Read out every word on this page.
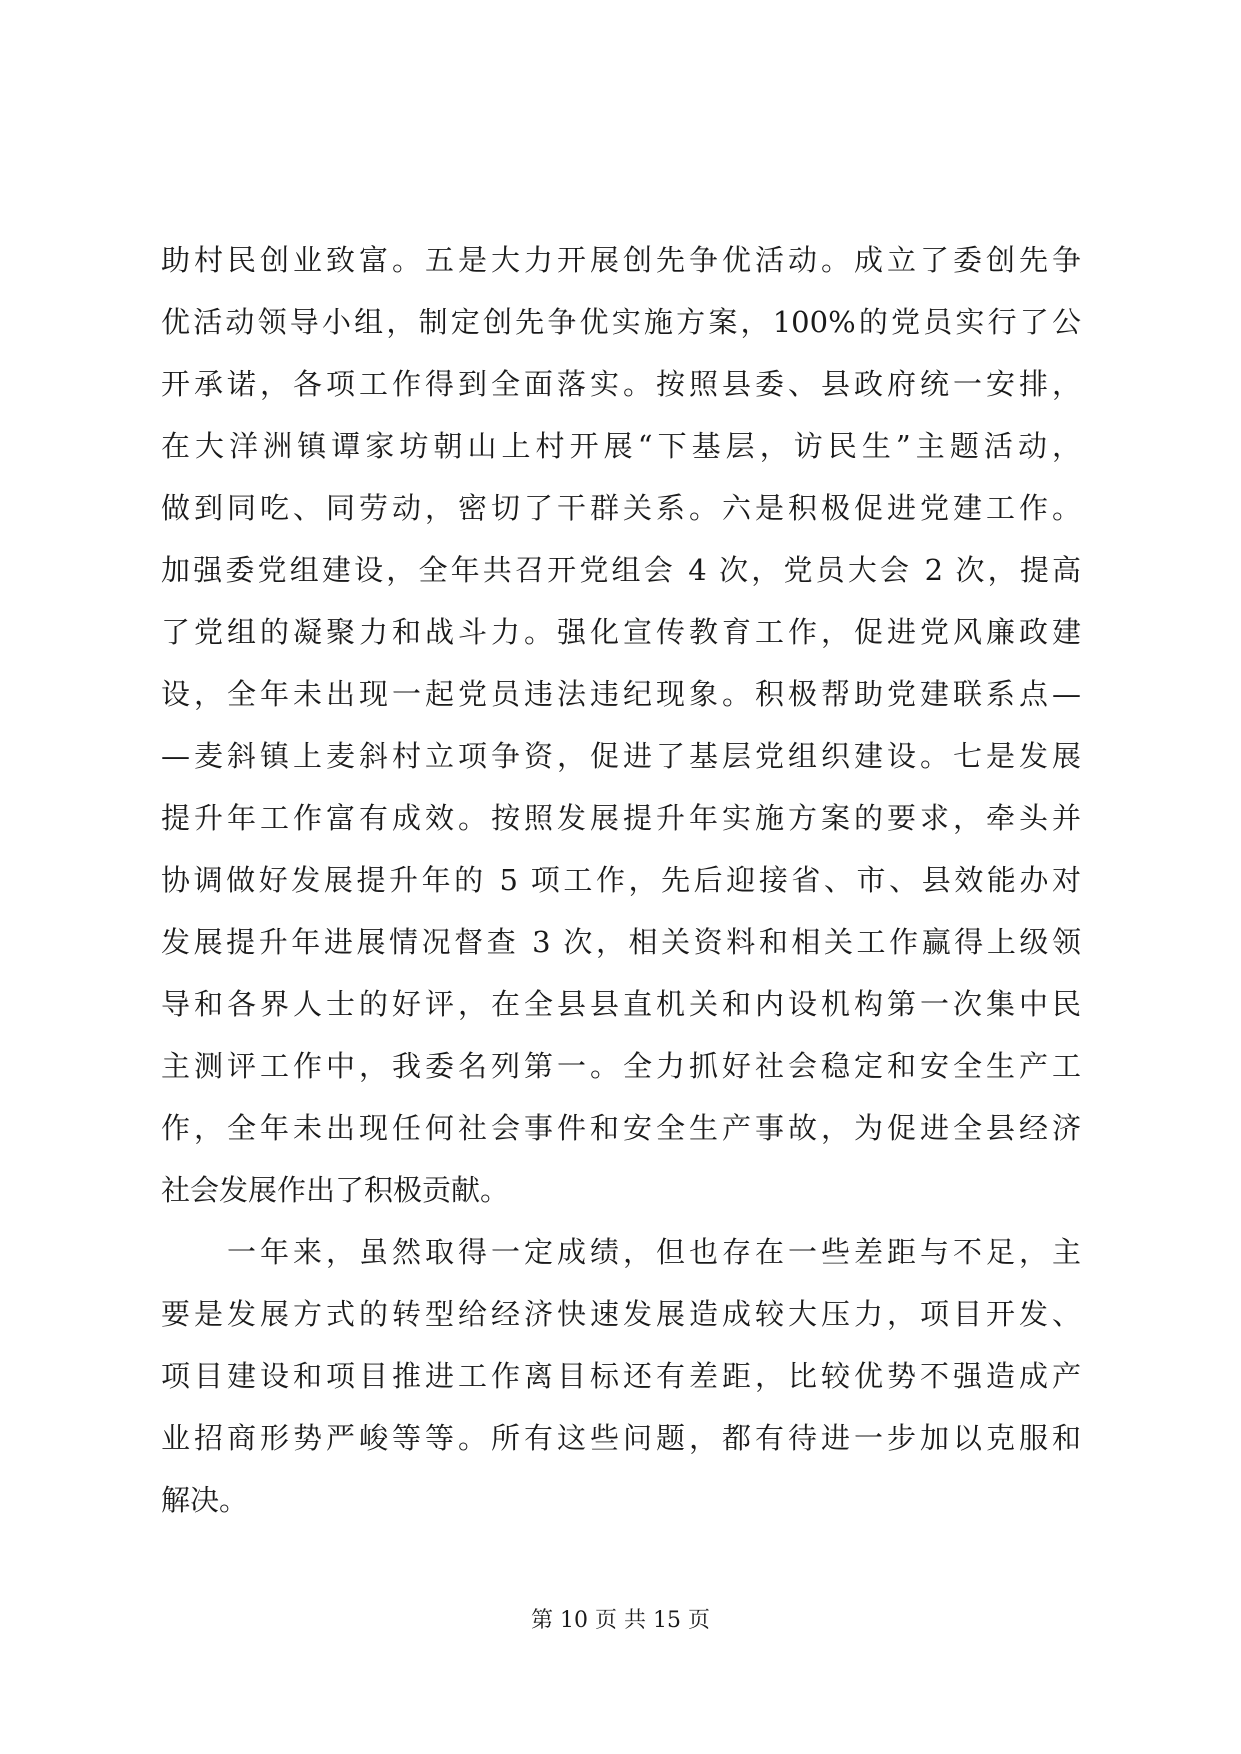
助村民创业致富。五是大力开展创先争优活动。成立了委创先争
优活动领导小组，制定创先争优实施方案，100%的党员实行了公
开承诺，各项工作得到全面落实。按照县委、县政府统一安排，
在大洋洲镇谭家坊朝山上村开展“下基层，访民生”主题活动，
做到同吃、同劳动，密切了干群关系。六是积极促进党建工作。
加强委党组建设，全年共召开党组会 4 次，党员大会 2 次，提高
了党组的凝聚力和战斗力。强化宣传教育工作，促进党风廉政建
设，全年未出现一起党员违法违纪现象。积极帮助党建联系点—
—麦斜镇上麦斜村立项争资，促进了基层党组织建设。七是发展
提升年工作富有成效。按照发展提升年实施方案的要求，牵头并
协调做好发展提升年的 5 项工作，先后迎接省、市、县效能办对
发展提升年进展情况督查 3 次，相关资料和相关工作赢得上级领
导和各界人士的好评，在全县县直机关和内设机构第一次集中民
主测评工作中，我委名列第一。全力抓好社会稳定和安全生产工
作，全年未出现任何社会事件和安全生产事故，为促进全县经济
社会发展作出了积极贡献。
　　一年来，虽然取得一定成绩，但也存在一些差距与不足，主
要是发展方式的转型给经济快速发展造成较大压力，项目开发、
项目建设和项目推进工作离目标还有差距，比较优势不强造成产
业招商形势严峻等等。所有这些问题，都有待进一步加以克服和
解决。
第 10 页 共 15 页
